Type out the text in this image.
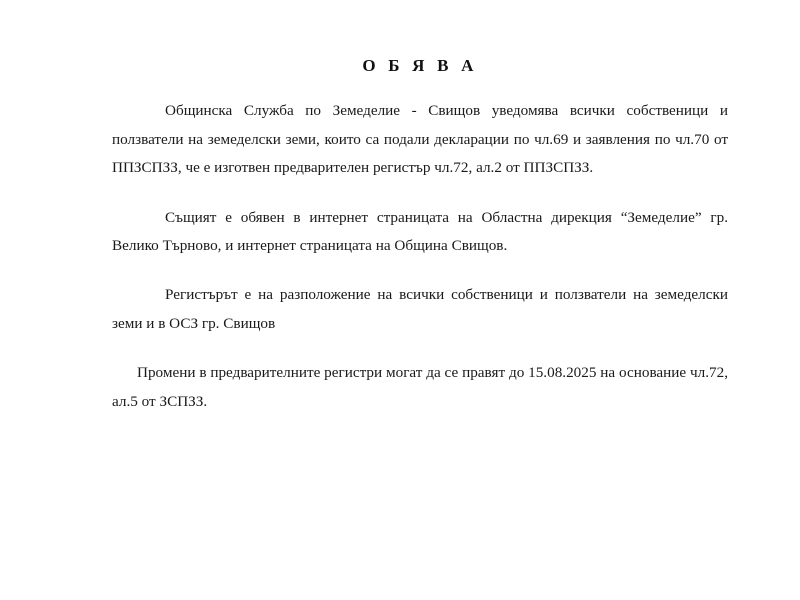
О Б Я В А

Общинска Служба по Земеделие - Свищов уведомява всички собственици и ползватели на земеделски земи, които са подали декларации по чл.69 и заявления по чл.70 от ППЗСПЗЗ, че е изготвен предварителен регистър чл.72, ал.2 от ППЗСПЗЗ.

Същият е обявен в интернет страницата на Областна дирекция “Земеделие” гр. Велико Търново, и интернет страницата на Община Свищов.

Регистърът е на разположение на всички собственици и ползватели на земеделски земи и в ОСЗ гр. Свищов

Промени в предварителните регистри могат да се правят до 15.08.2025 на основание чл.72, ал.5 от ЗСПЗЗ.
